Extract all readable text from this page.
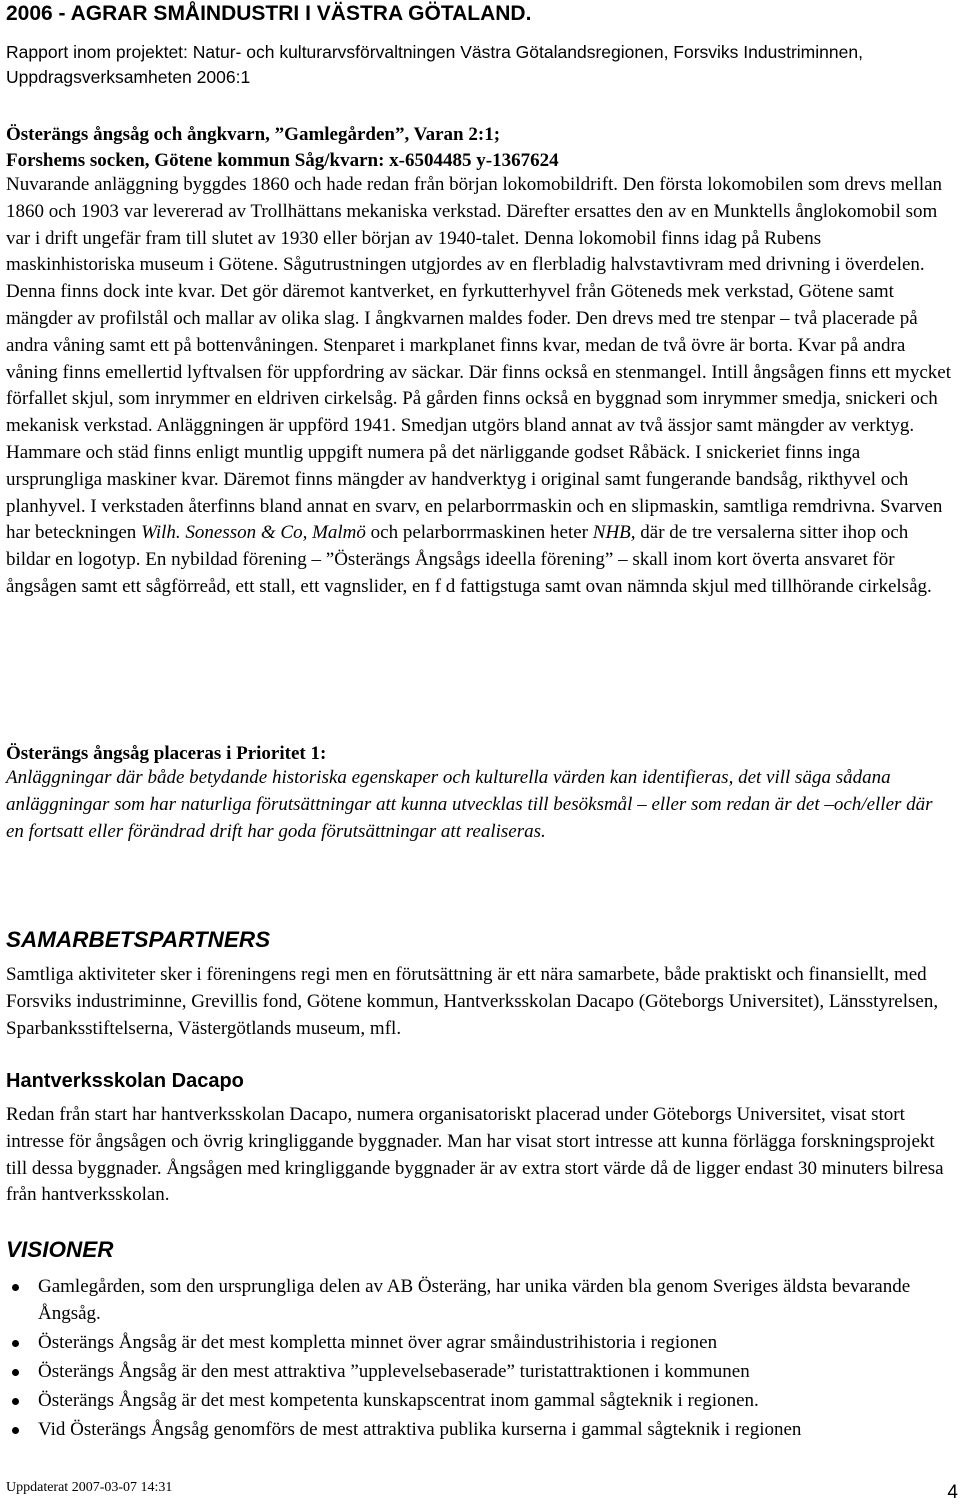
2006 - AGRAR SMÅINDUSTRI I VÄSTRA GÖTALAND.
Rapport inom projektet: Natur- och kulturarvsförvaltningen Västra Götalandsregionen, Forsviks Industriminnen, Uppdragsverksamheten 2006:1
Österängs ångsåg och ångkvarn, ”Gamlegården”, Varan 2:1;
Forshems socken, Götene kommun Såg/kvarn: x-6504485 y-1367624
Nuvarande anläggning byggdes 1860 och hade redan från början lokomobildrift. Den första lokomobilen som drevs mellan 1860 och 1903 var levererad av Trollhättans mekaniska verkstad. Därefter ersattes den av en Munktells ånglokomobil som var i drift ungefär fram till slutet av 1930 eller början av 1940-talet. Denna lokomobil finns idag på Rubens maskinhistoriska museum i Götene. Sågutrustningen utgjordes av en flerbladig halvstavtivram med drivning i överdelen. Denna finns dock inte kvar. Det gör däremot kantverket, en fyrkutterhyvel från Göteneds mek verkstad, Götene samt mängder av profilstål och mallar av olika slag. I ångkvarnen maldes foder. Den drevs med tre stenpar – två placerade på andra våning samt ett på bottenvåningen. Stenparet i markplanet finns kvar, medan de två övre är borta. Kvar på andra våning finns emellertid lyftvalsen för uppfordring av säckar. Där finns också en stenmangel. Intill ångsågen finns ett mycket förfallet skjul, som inrymmer en eldriven cirkelsåg. På gården finns också en byggnad som inrymmer smedja, snickeri och mekanisk verkstad. Anläggningen är uppförd 1941. Smedjan utgörs bland annat av två ässjor samt mängder av verktyg. Hammare och städ finns enligt muntlig uppgift numera på det närliggande godset Råbäck. I snickeriet finns inga ursprungliga maskiner kvar. Däremot finns mängder av handverktyg i original samt fungerande bandsåg, rikthyvel och planhyvel. I verkstaden återfinns bland annat en svarv, en pelarborrmaskin och en slipmaskin, samtliga remdrivna. Svarven har beteckningen Wilh. Sonesson & Co, Malmö och pelarborrmaskinen heter NHB, där de tre versalerna sitter ihop och bildar en logotyp. En nybildad förening – ”Österängs Ångsågs ideella förening” – skall inom kort överta ansvaret för ångsågen samt ett sågförreåd, ett stall, ett vagnslider, en f d fattigstuga samt ovan nämnda skjul med tillhörande cirkelsåg.
Österängs ångsåg placeras i Prioritet 1:
Anläggningar där både betydande historiska egenskaper och kulturella värden kan identifieras, det vill säga sådana anläggningar som har naturliga förutsättningar att kunna utvecklas till besöksmål – eller som redan är det –och/eller där en fortsatt eller förändrad drift har goda förutsättningar att realiseras.
SAMARBETSPARTNERS
Samtliga aktiviteter sker i föreningens regi men en förutsättning är ett nära samarbete, både praktiskt och finansiellt, med Forsviks industriminne, Grevillis fond, Götene kommun, Hantverksskolan Dacapo (Göteborgs Universitet), Länsstyrelsen, Sparbanksstiftelserna, Västergötlands museum, mfl.
Hantverksskolan Dacapo
Redan från start har hantverksskolan Dacapo, numera organisatoriskt placerad under Göteborgs Universitet, visat stort intresse för ångsågen och övrig kringliggande byggnader. Man har visat stort intresse att kunna förlägga forskningsprojekt till dessa byggnader. Ångsågen med kringliggande byggnader är av extra stort värde då de ligger endast 30 minuters bilresa från hantverksskolan.
VISIONER
Gamlegården, som den ursprungliga delen av AB Österäng, har unika värden bla genom Sveriges äldsta bevarande Ångsåg.
Österängs Ångsåg är det mest kompletta minnet över agrar småindustrihistoria i regionen
Österängs Ångsåg är den mest attraktiva ”upplevelsebaserade” turistattraktionen i kommunen
Österängs Ångsåg är det mest kompetenta kunskapscentrat inom gammal sågteknik i regionen.
Vid Österängs Ångsåg genomförs de mest attraktiva publika kurserna i gammal sågteknik i regionen
Uppdaterat 2007-03-07 14:31	4
